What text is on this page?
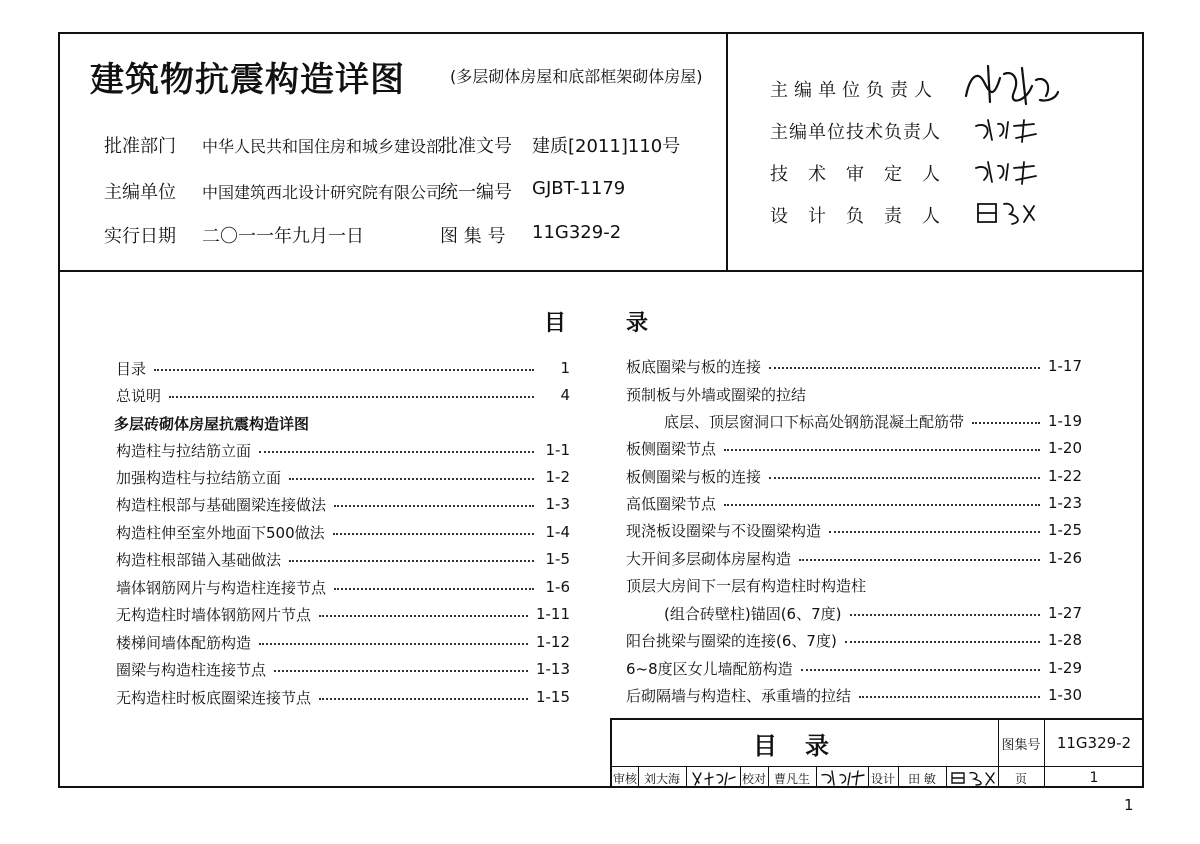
建筑物抗震构造详图	(多层砌体房屋和底部框架砌体房屋)
批准部门 中华人民共和国住房和城乡建设部
批准文号 建质[2011]110号
主编单位 中国建筑西北设计研究院有限公司
统一编号 GJBT-1179
实行日期 二〇一一年九月一日	图 集 号 11G329-2
主编单位负责人
主编单位技术负责人
技 术 审 定 人
设 计 负 责 人
目录
目录	1
总说明	4
多层砖砌体房屋抗震构造详图
构造柱与拉结筋立面	1-1
加强构造柱与拉结筋立面	1-2
构造柱根部与基础圈梁连接做法	1-3
构造柱伸至室外地面下500做法	1-4
构造柱根部锚入基础做法	1-5
墙体钢筋网片与构造柱连接节点	1-6
无构造柱时墙体钢筋网片节点	1-11
楼梯间墙体配筋构造	1-12
圈梁与构造柱连接节点	1-13
无构造柱时板底圈梁连接节点	1-15
板底圈梁与板的连接	1-17
预制板与外墙或圈梁的拉结
底层、顶层窗洞口下标高处钢筋混凝土配筋带	1-19
板侧圈梁节点	1-20
板侧圈梁与板的连接	1-22
高低圈梁节点	1-23
现浇板设圈梁与不设圈梁构造	1-25
大开间多层砌体房屋构造	1-26
顶层大房间下一层有构造柱时构造柱
(组合砖壁柱)锚固(6、7度)	1-27
阳台挑梁与圈梁的连接(6、7度)	1-28
6~8度区女儿墙配筋构造	1-29
后砌隔墙与构造柱、承重墙的拉结	1-30
目录	图集号	11G329-2
审核 刘大海	校对 曹凡生	设计	田 敏	页	1
1
